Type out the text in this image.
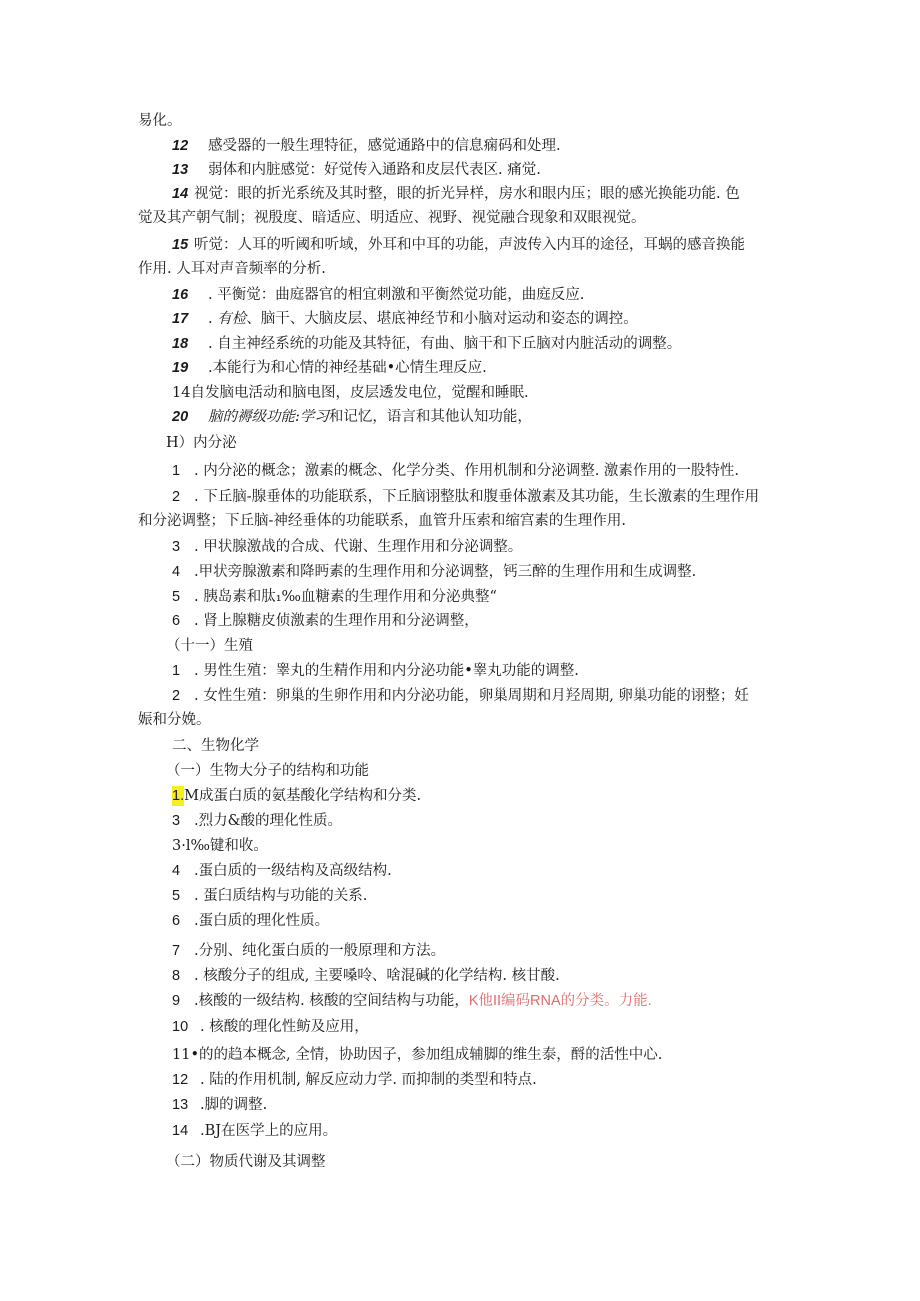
易化。
12 感受器的一般生理特征，感觉通路中的信息痫码和处理.
13 弱体和内脏感觉：好觉传入通路和皮层代表区. 痛觉.
14 视觉：眼的折光系统及其时整，眼的折光异样，房水和眼内压；眼的感光换能功能. 色
觉及其产朝气制；视殷度、暗适应、明适应、视野、视觉融合现象和双眼视觉。
15 听觉：人耳的听阈和听域，外耳和中耳的功能，声波传入内耳的途径，耳蜗的感音换能
作用. 人耳对声音频率的分析.
16 . 平衡觉：曲庭器官的相宜刺激和平衡然觉功能，曲庭反应.
17 . 有检、脑干、大脑皮层、堪底神经节和小脑对运动和姿态的调控。
18 . 自主神经系统的功能及其特征，有曲、脑干和下丘脑对内脏活动的调整。
19 .本能行为和心情的神经基础•心情生理反应.
14自发脑电活动和脑电图，皮层透发电位，觉醒和睡眠.
20 脑的褥级功能:学习和记忆，语言和其他认知功能，
H）内分泌
1 . 内分泌的概念；激素的概念、化学分类、作用机制和分泌调整. 激素作用的一股特性.
2 . 下丘脑-腺垂体的功能联系，下丘脑诩整肽和腹垂体激素及其功能，生长激素的生理作用
和分泌调整；下丘脑-神经垂体的功能联系，血管升压索和缩宫素的生理作用.
3 . 甲状腺激战的合成、代谢、生理作用和分泌调整。
4 .甲状旁腺激素和降眄素的生理作用和分泌调整，钙三醉的生理作用和生成调整.
5 . 胰岛素和肽₁‰血糖素的生理作用和分泌典整“
6 . 肾上腺糖皮侦激素的生理作用和分泌调整，
（十一）生殖
1 . 男性生殖：睾丸的生精作用和内分泌功能•睾丸功能的调整.
2 . 女性生殖：卵巢的生卵作用和内分泌功能，卵巢周期和月羟周期, 卵巢功能的诩整；妊
娠和分娩。
二、生物化学
（一）生物大分子的结构和功能
1.M成蛋白质的氨基酸化学结构和分类.
3 .烈力&酸的理化性质。
3·l‰键和收。
4 .蛋白质的一级结构及高级结构.
5 . 蛋臼质结构与功能的关系.
6 .蛋白质的理化性质。
7 .分别、纯化蛋白质的一般原理和方法。
8 . 核酸分子的组成, 主要嗓呤、啥混碱的化学结构. 核甘酸.
9 .核酸的一级结构. 核酸的空间结构与功能，K他II编码RNA的分类。力能.
10 . 核酸的理化性鲂及应用，
11•的的趋本概念, 全情，协助因子，参加组成辅脚的维生泰，酹的活性中心.
12 . 陆的作用机制, 解反应动力学. 而抑制的类型和特点.
13 .脚的调整.
14 .BJ在医学上的应用。
（二）物质代谢及其调整
